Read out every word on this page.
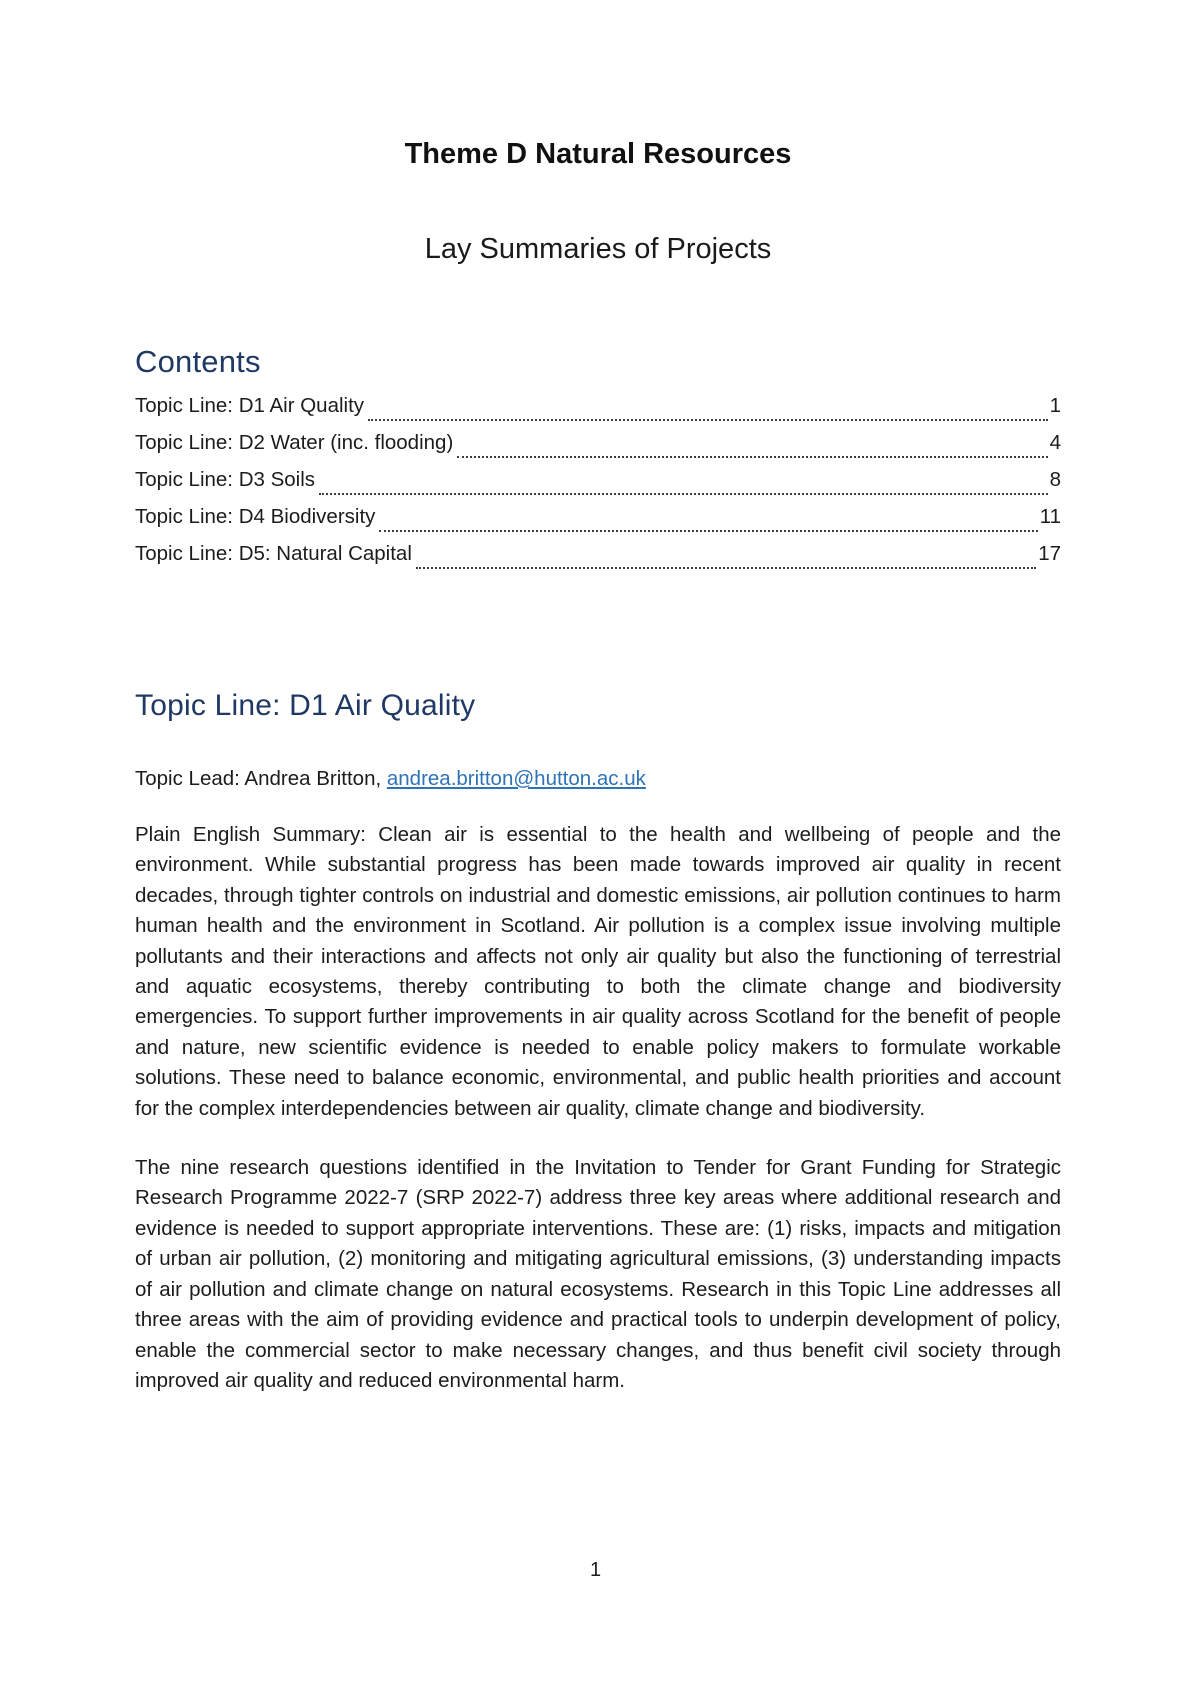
Theme D Natural Resources
Lay Summaries of Projects
Contents
Topic Line: D1 Air Quality	1
Topic Line: D2 Water (inc. flooding)	4
Topic Line: D3 Soils	8
Topic Line: D4 Biodiversity	11
Topic Line: D5: Natural Capital	17
Topic Line: D1 Air Quality

Topic Lead: Andrea Britton, andrea.britton@hutton.ac.uk

Plain English Summary: Clean air is essential to the health and wellbeing of people and the environment. While substantial progress has been made towards improved air quality in recent decades, through tighter controls on industrial and domestic emissions, air pollution continues to harm human health and the environment in Scotland. Air pollution is a complex issue involving multiple pollutants and their interactions and affects not only air quality but also the functioning of terrestrial and aquatic ecosystems, thereby contributing to both the climate change and biodiversity emergencies. To support further improvements in air quality across Scotland for the benefit of people and nature, new scientific evidence is needed to enable policy makers to formulate workable solutions. These need to balance economic, environmental, and public health priorities and account for the complex interdependencies between air quality, climate change and biodiversity.

The nine research questions identified in the Invitation to Tender for Grant Funding for Strategic Research Programme 2022-7 (SRP 2022-7) address three key areas where additional research and evidence is needed to support appropriate interventions. These are: (1) risks, impacts and mitigation of urban air pollution, (2) monitoring and mitigating agricultural emissions, (3) understanding impacts of air pollution and climate change on natural ecosystems. Research in this Topic Line addresses all three areas with the aim of providing evidence and practical tools to underpin development of policy, enable the commercial sector to make necessary changes, and thus benefit civil society through improved air quality and reduced environmental harm.

1
